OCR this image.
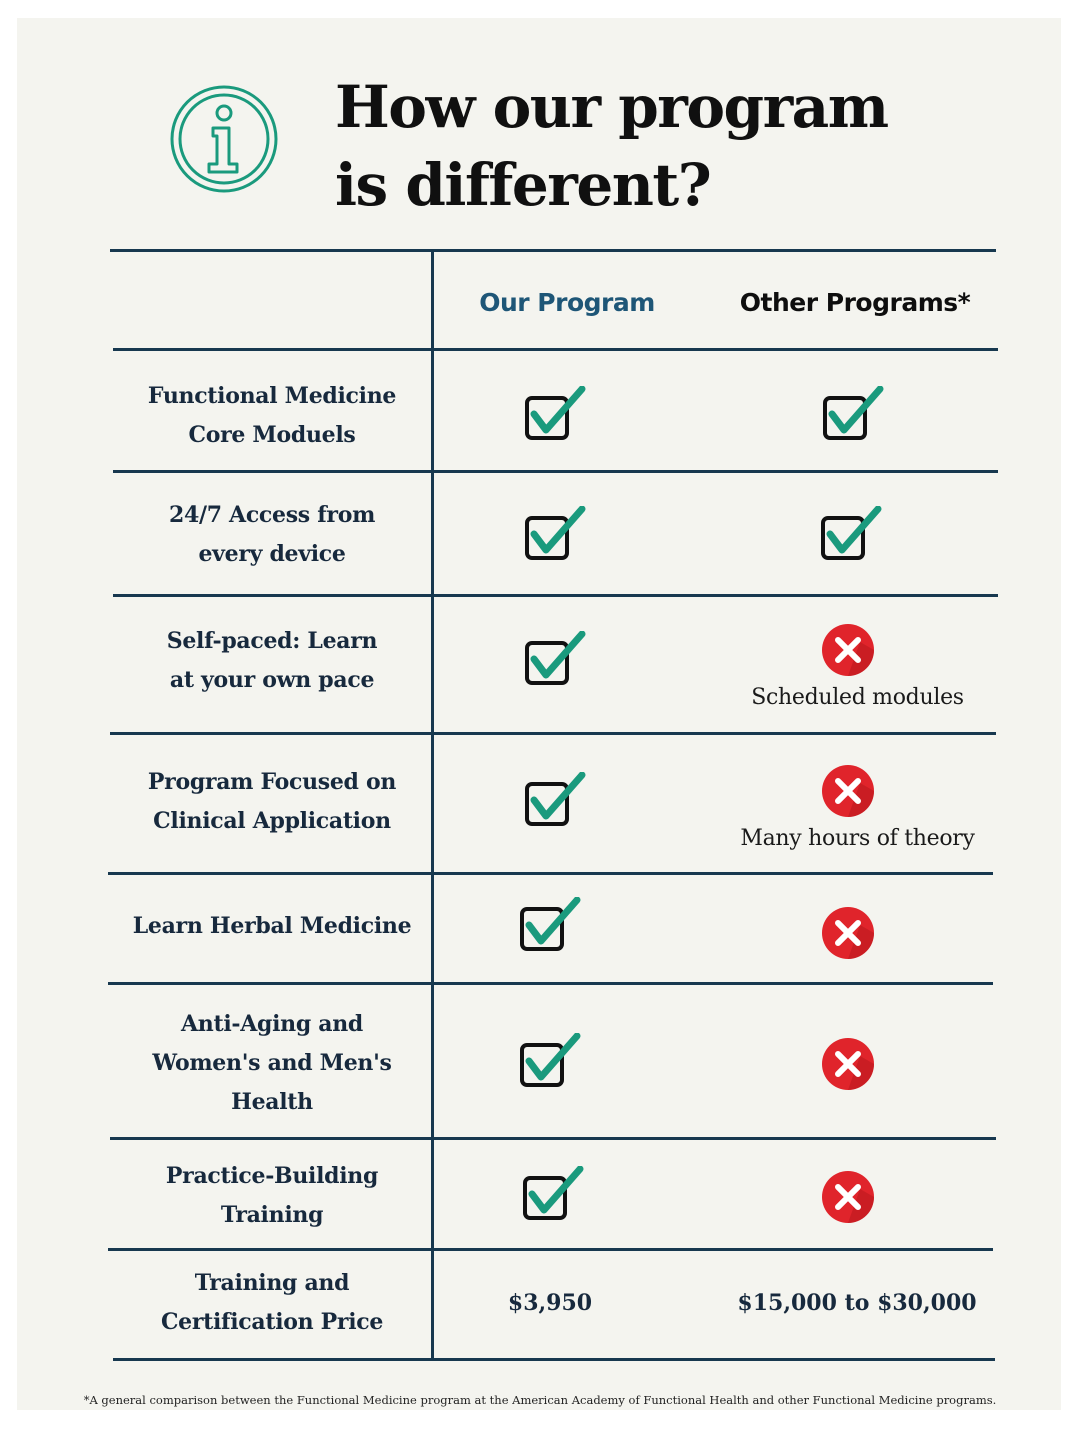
How our program
is different?
Our Program	Other Programs*
Functional Medicine
Core Moduels
24/7 Access from
every device
Self-paced: Learn
at your own pace
Scheduled modules
Program Focused on
Clinical Application
Many hours of theory
Learn Herbal Medicine
Anti-Aging and
Women's and Men's
Health
Practice-Building
Training
Training and
Certification Price
$3,950	$15,000 to $30,000
*A general comparison between the Functional Medicine program at the American Academy of Functional Health and other Functional Medicine programs.
